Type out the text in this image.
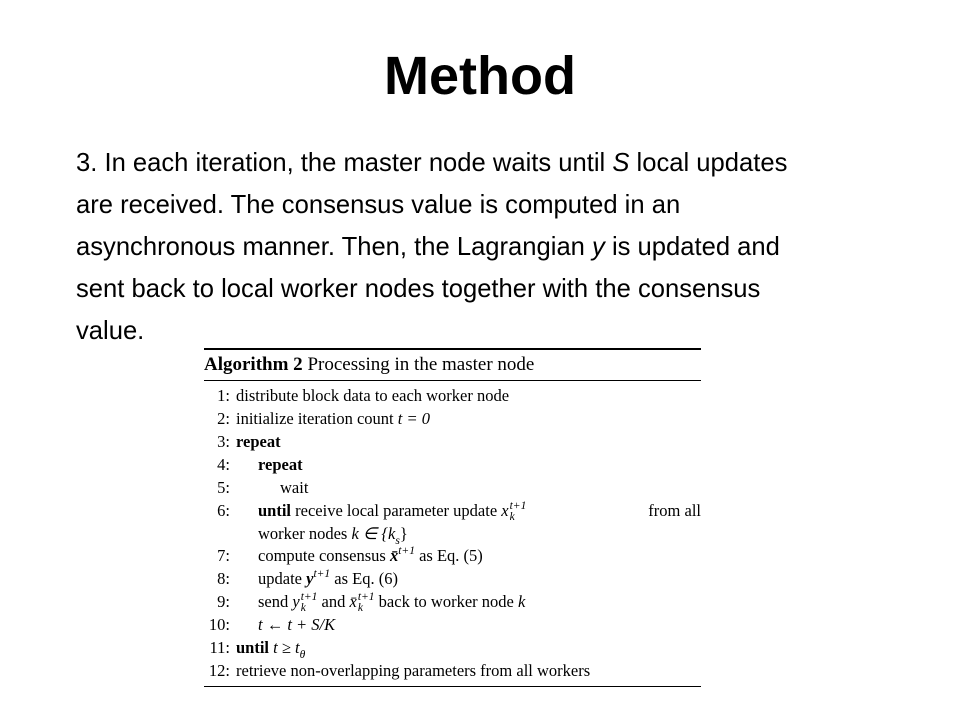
Method
3. In each iteration, the master node waits until S local updates
are received. The consensus value is computed in an
asynchronous manner. Then, the Lagrangian y is updated and
sent back to local worker nodes together with the consensus
value.
Algorithm 2 Processing in the master node
1: distribute block data to each worker node
2: initialize iteration count t = 0
3: repeat
4: repeat
5:	wait
6: until receive local parameter update x t+1
k	from all
worker nodes k ∈ $\{k_s\}$
7: compute consensus x̄$^{t+1}$ as Eq. (5)
8: update $y^{t+1}$ as Eq. (6)
9: send y t+1
k and x̄ t+1
k back to worker node k
10: t ← t + S/K
11: until $t \ge t_\theta$
12: retrieve non-overlapping parameters from all workers
